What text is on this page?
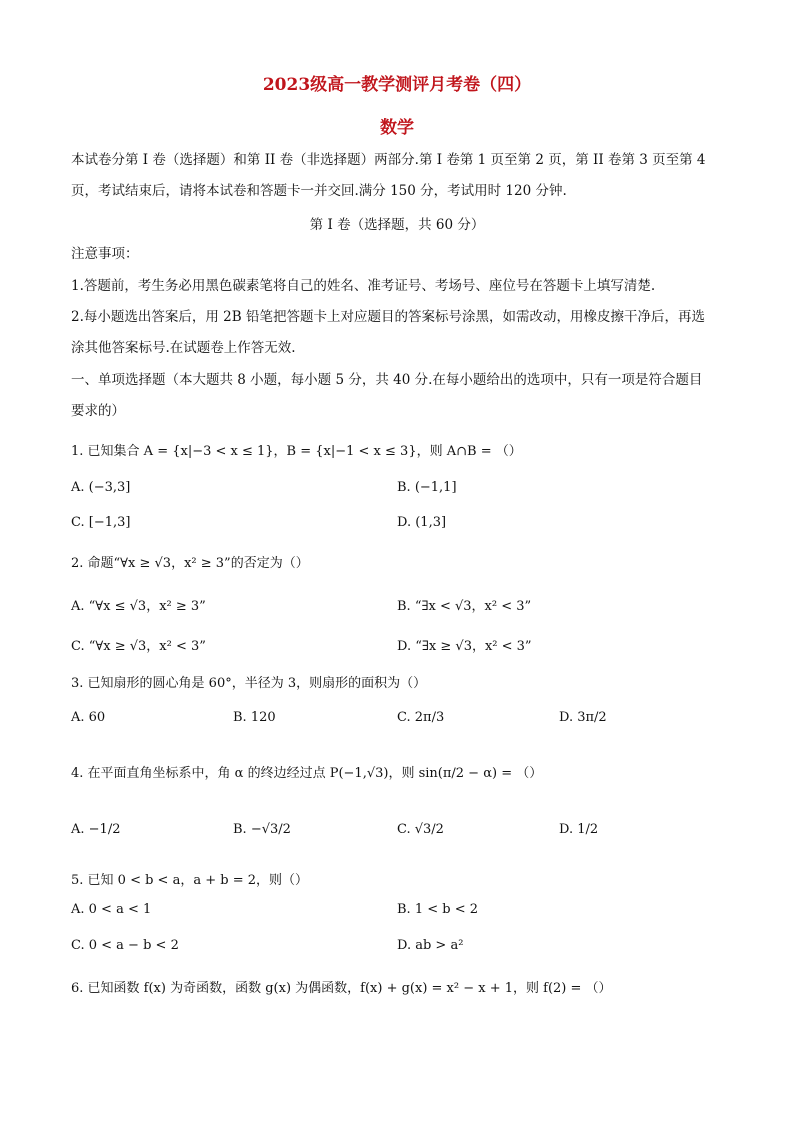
2023级高一教学测评月考卷（四）
数学
本试卷分第 I 卷（选择题）和第 II 卷（非选择题）两部分.第 I 卷第 1 页至第 2 页，第 II 卷第 3 页至第 4
页，考试结束后，请将本试卷和答题卡一并交回.满分 150 分，考试用时 120 分钟.
第 I 卷（选择题，共 60 分）
注意事项：
1.答题前，考生务必用黑色碳素笔将自己的姓名、准考证号、考场号、座位号在答题卡上填写清楚.
2.每小题选出答案后，用 2B 铅笔把答题卡上对应题目的答案标号涂黑，如需改动，用橡皮擦干净后，再选
涂其他答案标号.在试题卷上作答无效.
一、单项选择题（本大题共 8 小题，每小题 5 分，共 40 分.在每小题给出的选项中，只有一项是符合题目
要求的）
1. 已知集合 A = {x|−3 < x ≤ 1}，B = {x|−1 < x ≤ 3}，则 A∩B = （）
A. (−3,3]	B. (−1,1]
C. [−1,3]	D. (1,3]
2. 命题“∀x ≥ √3，x² ≥ 3”的否定为（）
A. “∀x ≤ √3，x² ≥ 3”	B. “∃x < √3，x² < 3”
C. “∀x ≥ √3，x² < 3”	D. “∃x ≥ √3，x² < 3”
3. 已知扇形的圆心角是 60°，半径为 3，则扇形的面积为（）
A. 60	B. 120	C. 2π/3	D. 3π/2
4. 在平面直角坐标系中，角 α 的终边经过点 P(−1,√3)，则 sin(π/2 − α) = （）
A. −1/2	B. −√3/2	C. √3/2	D. 1/2
5. 已知 0 < b < a，a + b = 2，则（）
A. 0 < a < 1	B. 1 < b < 2
C. 0 < a − b < 2	D. ab > a²
6. 已知函数 f(x) 为奇函数，函数 g(x) 为偶函数，f(x) + g(x) = x² − x + 1，则 f(2) = （）
